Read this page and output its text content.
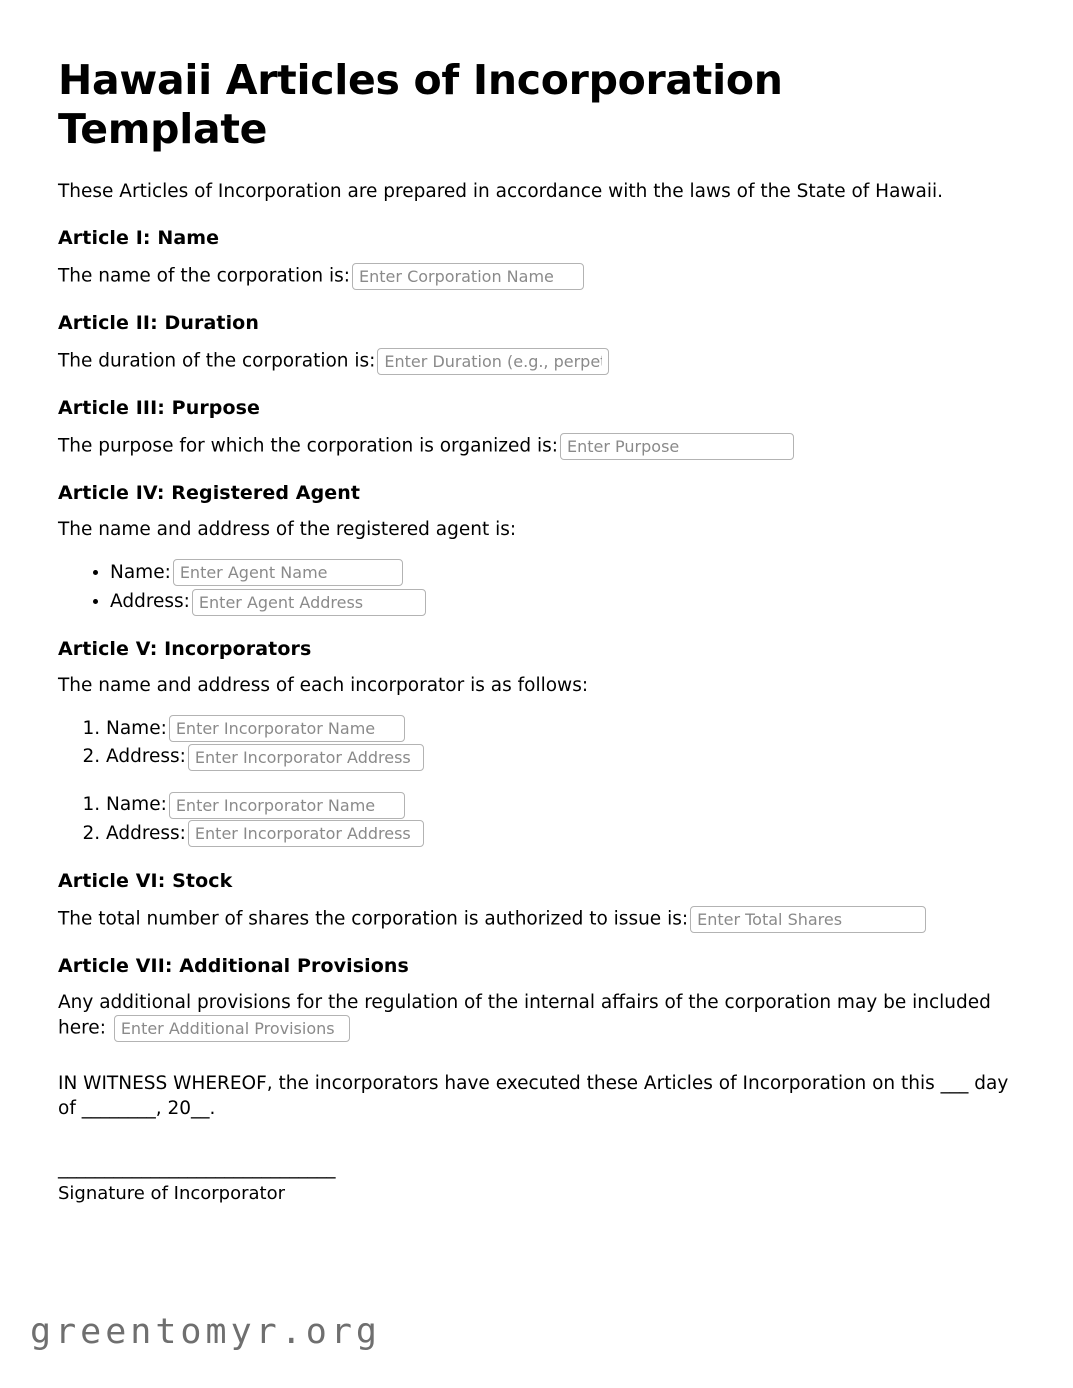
Hawaii Articles of Incorporation Template

These Articles of Incorporation are prepared in accordance with the laws of the State of Hawaii.

Article I: Name

The name of the corporation is:Enter Corporation Name

Article II: Duration

The duration of the corporation is:Enter Duration (e.g., perpetual)

Article III: Purpose

The purpose for which the corporation is organized is:Enter Purpose

Article IV: Registered Agent

The name and address of the registered agent is:

• Name:Enter Agent Name
• Address:Enter Agent Address
Article V: Incorporators

The name and address of each incorporator is as follows:

1. Name:Enter Incorporator Name
2. Address:Enter Incorporator Address
1. Name:Enter Incorporator Name
2. Address:Enter Incorporator Address
Article VI: Stock

The total number of shares the corporation is authorized to issue is:Enter Total Shares

Article VII: Additional Provisions

Any additional provisions for the regulation of the internal affairs of the corporation may be included here: Enter Additional Provisions

IN WITNESS WHEREOF, the incorporators have executed these Articles of Incorporation on this ___ day of ________, 20__.

______________________________
Signature of Incorporator
greentomyr.org
